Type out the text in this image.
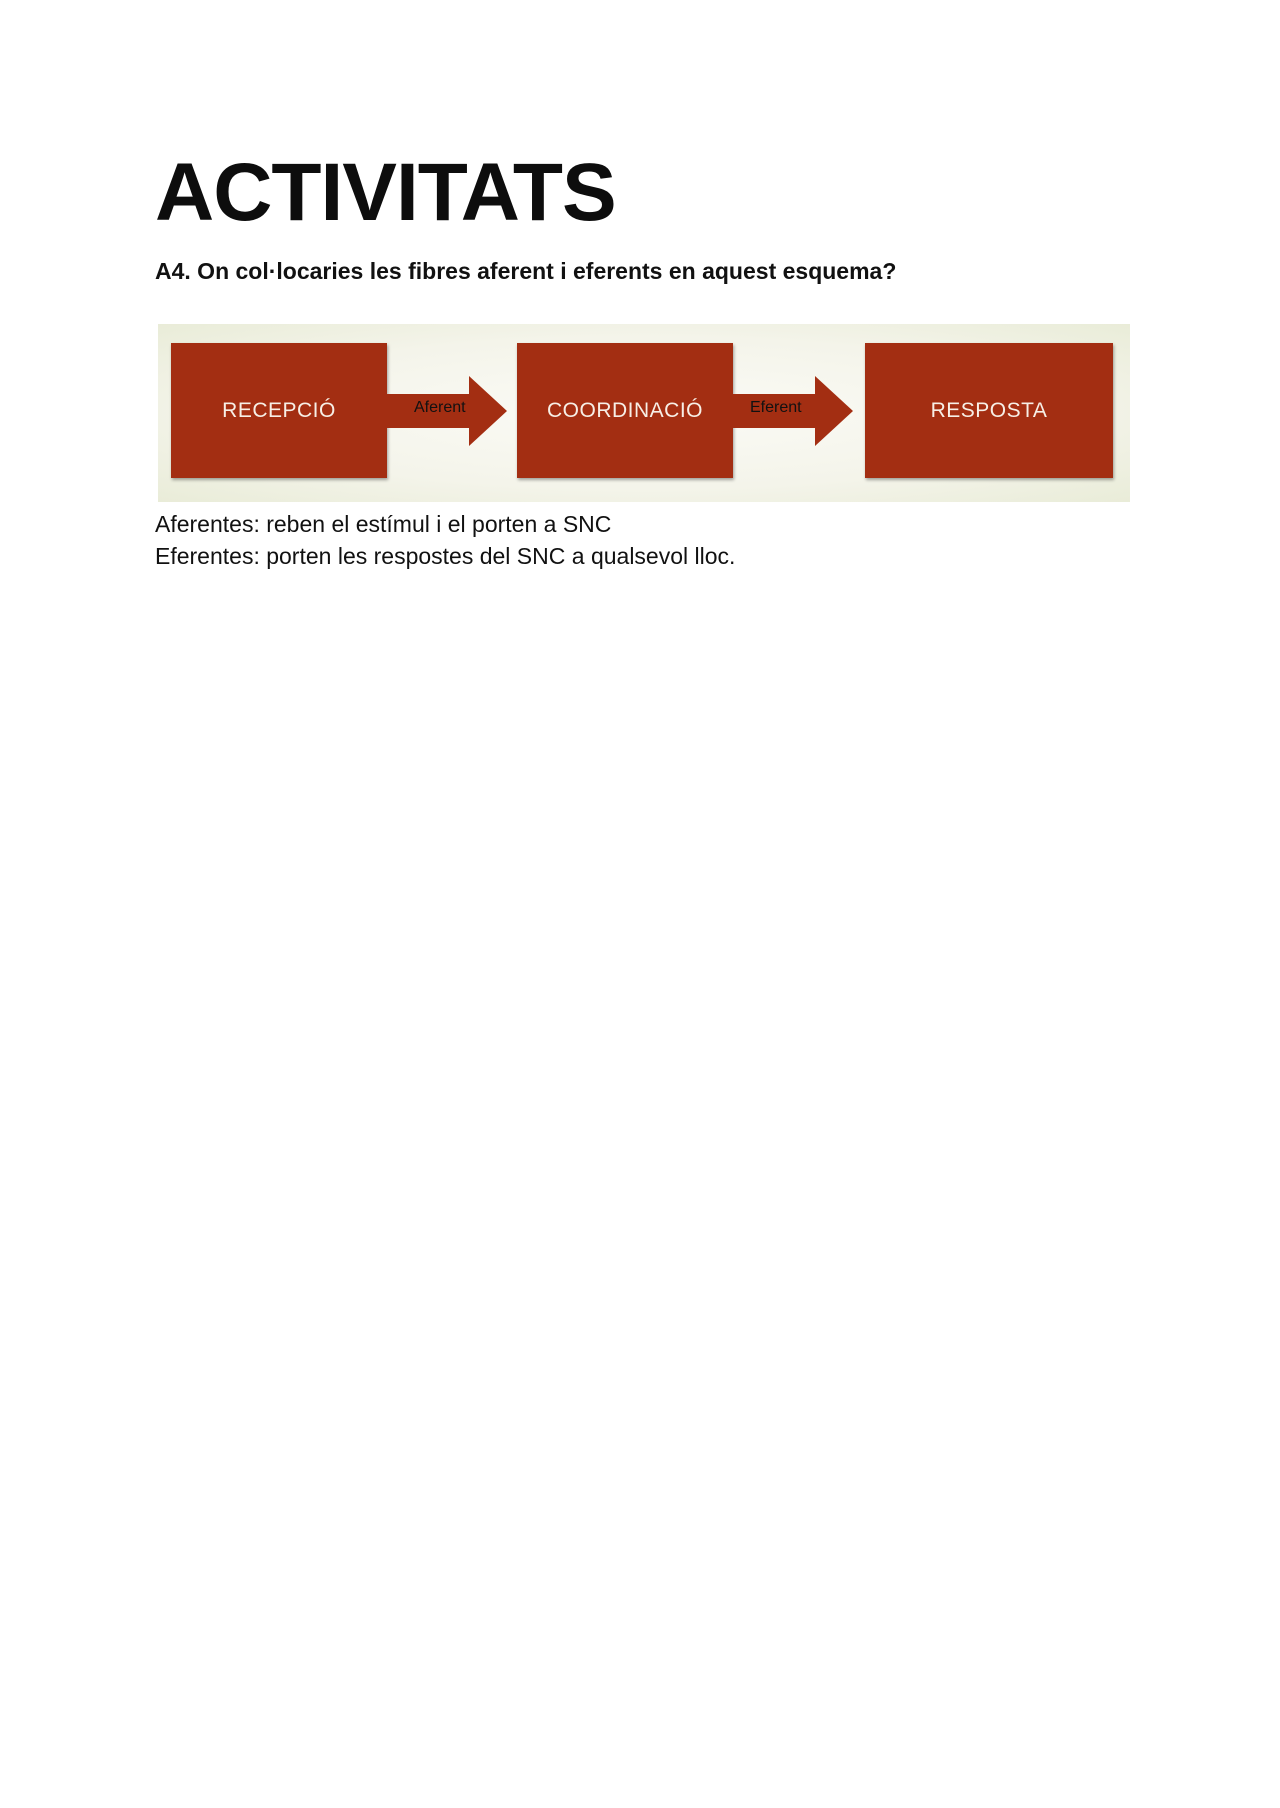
ACTIVITATS

A4. On col·locaries les fibres aferent i eferents en aquest esquema?

RECEPCIÓ	Aferent	COORDINACIÓ	Eferent	RESPOSTA

Aferentes: reben el estímul i el porten a SNC

Eferentes: porten les respostes del SNC a qualsevol lloc.
